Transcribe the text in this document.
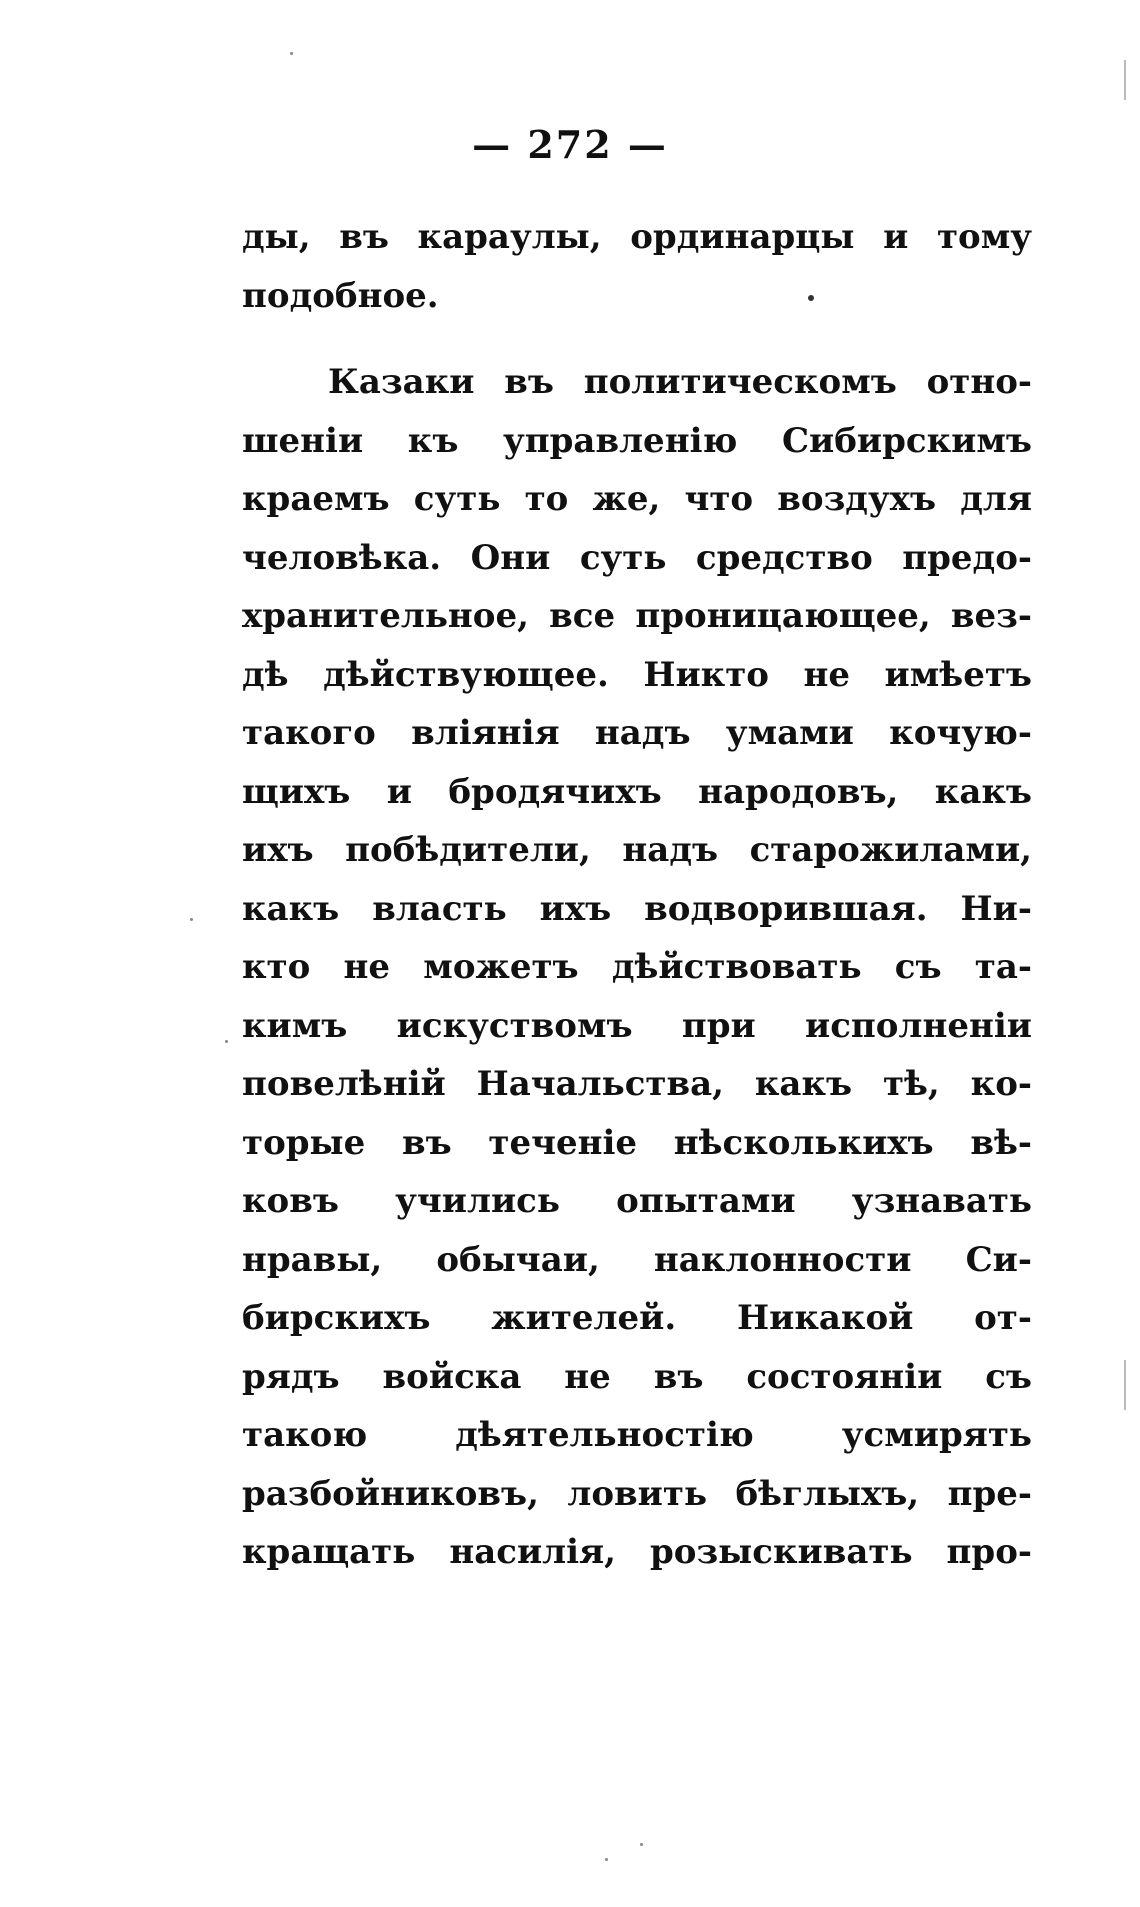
— 272 —
ды, въ караулы, ординарцы и тому
подобное.
Казаки въ политическомъ отно-
шеніи къ управленію Сибирскимъ
краемъ суть то же, что воздухъ для
человѣка. Они суть средство предо-
хранительное, все проницающее, вез-
дѣ дѣйствующее. Никто не имѣетъ
такого вліянія надъ умами кочую-
щихъ и бродячихъ народовъ, какъ
ихъ побѣдители, надъ старожилами,
какъ власть ихъ водворившая. Ни-
кто не можетъ дѣйствовать съ та-
кимъ искуствомъ при исполненіи
повелѣній Начальства, какъ тѣ, ко-
торые въ теченіе нѣсколькихъ вѣ-
ковъ учились опытами узнавать
нравы, обычаи, наклонности Си-
бирскихъ жителей. Никакой от-
рядъ войска не въ состояніи съ
такою дѣятельностію усмирять
разбойниковъ, ловить бѣглыхъ, пре-
кращать насилія, розыскивать про-
